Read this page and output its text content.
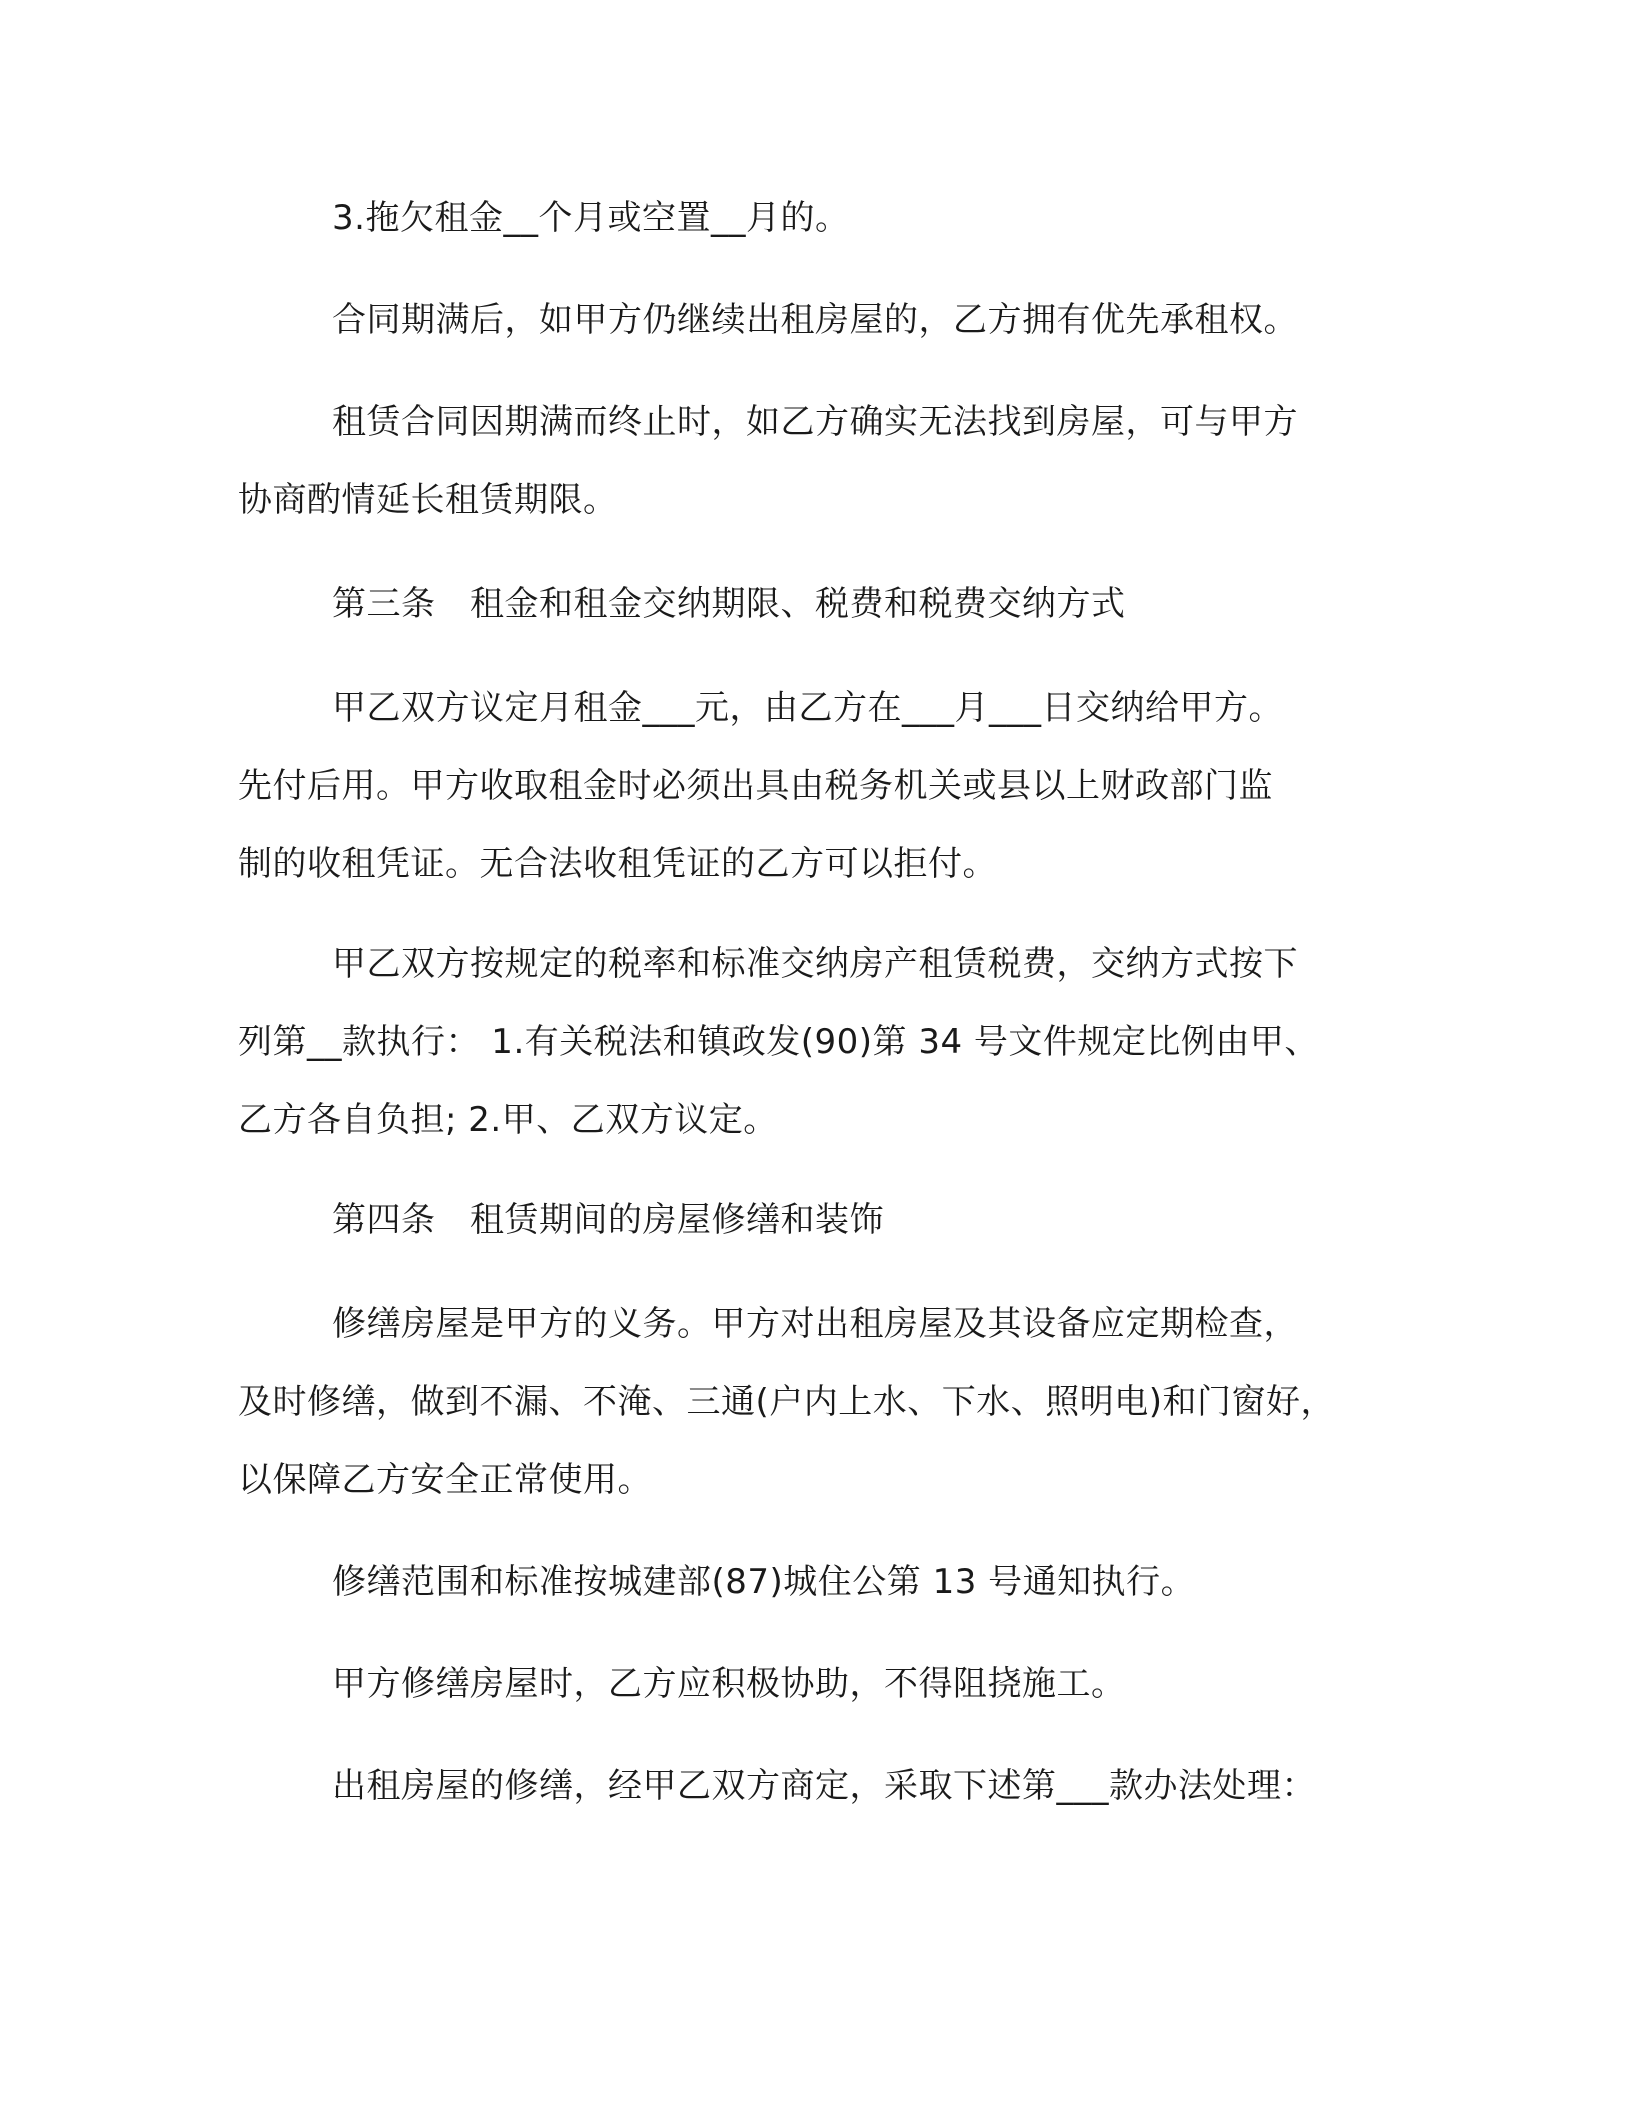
3.拖欠租金__个月或空置__月的。
合同期满后，如甲方仍继续出租房屋的，乙方拥有优先承租权。
租赁合同因期满而终止时，如乙方确实无法找到房屋，可与甲方
协商酌情延长租赁期限。
第三条　租金和租金交纳期限、税费和税费交纳方式
甲乙双方议定月租金___元，由乙方在___月___日交纳给甲方。
先付后用。甲方收取租金时必须出具由税务机关或县以上财政部门监
制的收租凭证。无合法收租凭证的乙方可以拒付。
甲乙双方按规定的税率和标准交纳房产租赁税费，交纳方式按下
列第__款执行： 1.有关税法和镇政发(90)第 34 号文件规定比例由甲、
乙方各自负担; 2.甲、乙双方议定。
第四条　租赁期间的房屋修缮和装饰
修缮房屋是甲方的义务。甲方对出租房屋及其设备应定期检查，
及时修缮，做到不漏、不淹、三通(户内上水、下水、照明电)和门窗好，
以保障乙方安全正常使用。
修缮范围和标准按城建部(87)城住公第 13 号通知执行。
甲方修缮房屋时，乙方应积极协助，不得阻挠施工。
出租房屋的修缮，经甲乙双方商定，采取下述第___款办法处理：
